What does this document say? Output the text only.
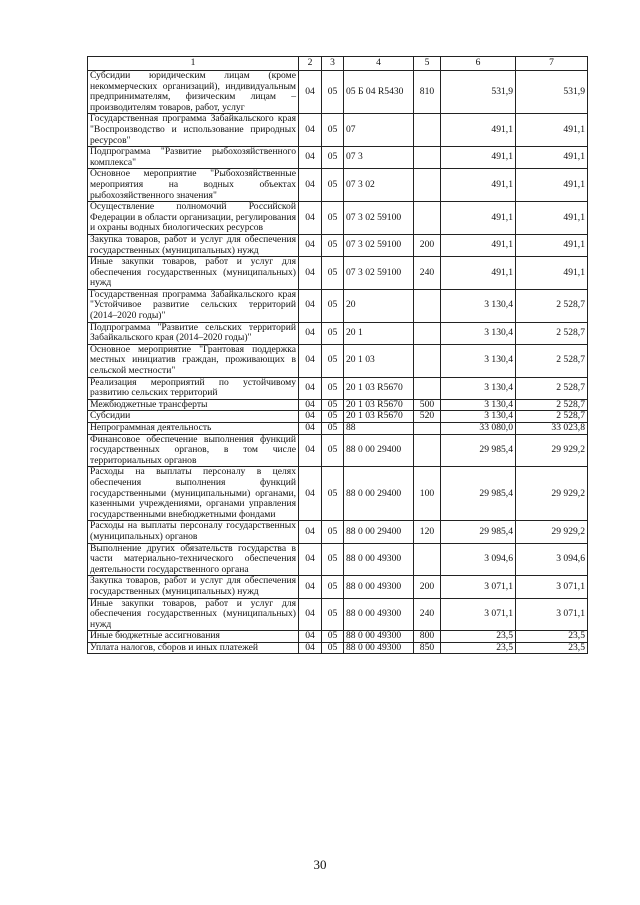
1	2	3	4	5	6	7
Субсидии юридическим лицам (кроме некоммерческих организаций), индивидуальным предпринимателям, физическим лицам – производителям товаров, работ, услуг	04	05	05 Б 04 R5430	810	531,9	531,9
Государственная программа Забайкальского края "Воспроизводство и использование природных ресурсов"	04	05	07		491,1	491,1
Подпрограмма "Развитие рыбохозяйственного комплекса"	04	05	07 3		491,1	491,1
Основное мероприятие "Рыбохозяйственные мероприятия на водных объектах рыбохозяйственного значения"	04	05	07 3 02		491,1	491,1
Осуществление полномочий Российской Федерации в области организации, регулирования и охраны водных биологических ресурсов	04	05	07 3 02 59100		491,1	491,1
Закупка товаров, работ и услуг для обеспечения государственных (муниципальных) нужд	04	05	07 3 02 59100	200	491,1	491,1
Иные закупки товаров, работ и услуг для обеспечения государственных (муниципальных) нужд	04	05	07 3 02 59100	240	491,1	491,1
Государственная программа Забайкальского края "Устойчивое развитие сельских территорий (2014–2020 годы)"	04	05	20		3 130,4	2 528,7
Подпрограмма "Развитие сельских территорий Забайкальского края (2014–2020 годы)"	04	05	20 1		3 130,4	2 528,7
Основное мероприятие "Грантовая поддержка местных инициатив граждан, проживающих в сельской местности"	04	05	20 1 03		3 130,4	2 528,7
Реализация мероприятий по устойчивому развитию сельских территорий	04	05	20 1 03 R5670		3 130,4	2 528,7
Межбюджетные трансферты	04	05	20 1 03 R5670	500	3 130,4	2 528,7
Субсидии	04	05	20 1 03 R5670	520	3 130,4	2 528,7
Непрограммная деятельность	04	05	88		33 080,0	33 023,8
Финансовое обеспечение выполнения функций государственных органов, в том числе территориальных органов	04	05	88 0 00 29400		29 985,4	29 929,2
Расходы на выплаты персоналу в целях обеспечения выполнения функций государственными (муниципальными) органами, казенными учреждениями, органами управления государственными внебюджетными фондами	04	05	88 0 00 29400	100	29 985,4	29 929,2
Расходы на выплаты персоналу государственных (муниципальных) органов	04	05	88 0 00 29400	120	29 985,4	29 929,2
Выполнение других обязательств государства в части материально-технического обеспечения деятельности государственного органа	04	05	88 0 00 49300		3 094,6	3 094,6
Закупка товаров, работ и услуг для обеспечения государственных (муниципальных) нужд	04	05	88 0 00 49300	200	3 071,1	3 071,1
Иные закупки товаров, работ и услуг для обеспечения государственных (муниципальных) нужд	04	05	88 0 00 49300	240	3 071,1	3 071,1
Иные бюджетные ассигнования	04	05	88 0 00 49300	800	23,5	23,5
Уплата налогов, сборов и иных платежей	04	05	88 0 00 49300	850	23,5	23,5
30
